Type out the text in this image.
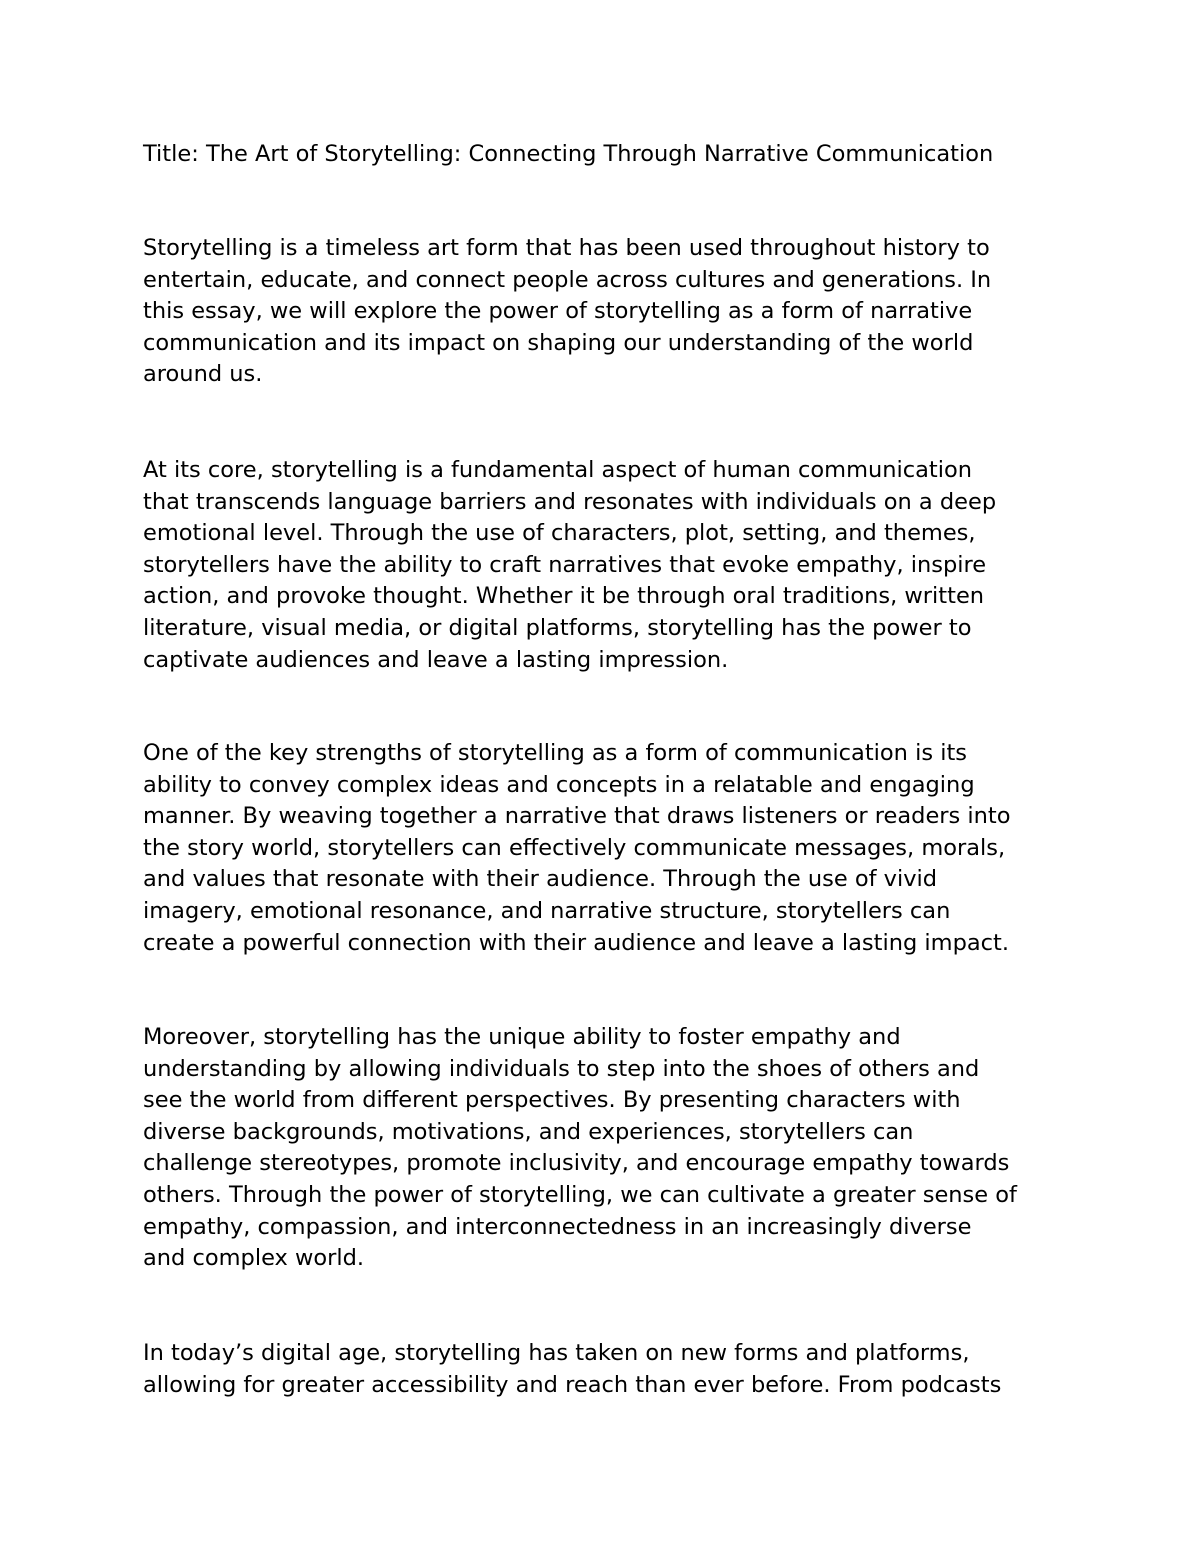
Title: The Art of Storytelling: Connecting Through Narrative Communication
Storytelling is a timeless art form that has been used throughout history to
entertain, educate, and connect people across cultures and generations. In
this essay, we will explore the power of storytelling as a form of narrative
communication and its impact on shaping our understanding of the world
around us.
At its core, storytelling is a fundamental aspect of human communication
that transcends language barriers and resonates with individuals on a deep
emotional level. Through the use of characters, plot, setting, and themes,
storytellers have the ability to craft narratives that evoke empathy, inspire
action, and provoke thought. Whether it be through oral traditions, written
literature, visual media, or digital platforms, storytelling has the power to
captivate audiences and leave a lasting impression.
One of the key strengths of storytelling as a form of communication is its
ability to convey complex ideas and concepts in a relatable and engaging
manner. By weaving together a narrative that draws listeners or readers into
the story world, storytellers can effectively communicate messages, morals,
and values that resonate with their audience. Through the use of vivid
imagery, emotional resonance, and narrative structure, storytellers can
create a powerful connection with their audience and leave a lasting impact.
Moreover, storytelling has the unique ability to foster empathy and
understanding by allowing individuals to step into the shoes of others and
see the world from different perspectives. By presenting characters with
diverse backgrounds, motivations, and experiences, storytellers can
challenge stereotypes, promote inclusivity, and encourage empathy towards
others. Through the power of storytelling, we can cultivate a greater sense of
empathy, compassion, and interconnectedness in an increasingly diverse
and complex world.
In today’s digital age, storytelling has taken on new forms and platforms,
allowing for greater accessibility and reach than ever before. From podcasts
